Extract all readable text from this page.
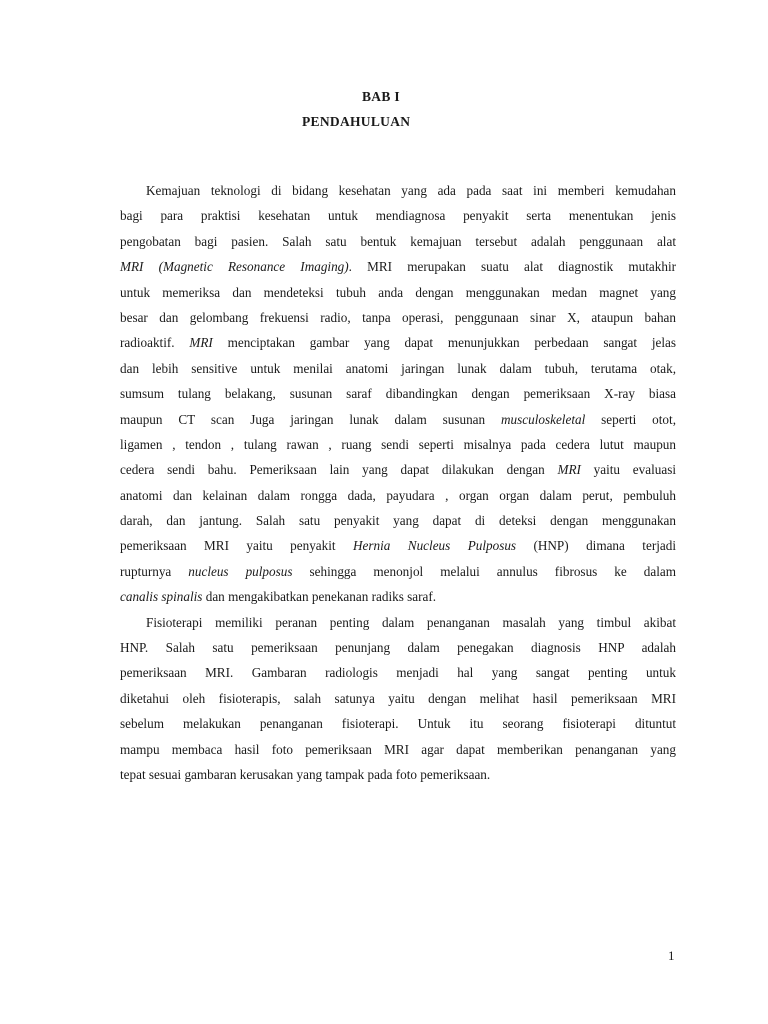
BAB I
PENDAHULUAN
Kemajuan teknologi di bidang kesehatan yang ada pada saat ini memberi kemudahan
bagi para praktisi kesehatan untuk mendiagnosa penyakit serta menentukan jenis
pengobatan bagi pasien. Salah satu bentuk kemajuan tersebut adalah penggunaan alat
MRI (Magnetic Resonance Imaging). MRI merupakan suatu alat diagnostik mutakhir
untuk memeriksa dan mendeteksi tubuh anda dengan menggunakan medan magnet yang
besar dan gelombang frekuensi radio, tanpa operasi, penggunaan sinar X, ataupun bahan
radioaktif. MRI menciptakan gambar yang dapat menunjukkan perbedaan sangat jelas
dan lebih sensitive untuk menilai anatomi jaringan lunak dalam tubuh, terutama otak,
sumsum tulang belakang, susunan saraf dibandingkan dengan pemeriksaan X-ray biasa
maupun CT scan Juga jaringan lunak dalam susunan musculoskeletal seperti otot,
ligamen , tendon , tulang rawan , ruang sendi seperti misalnya pada cedera lutut maupun
cedera sendi bahu. Pemeriksaan lain yang dapat dilakukan dengan MRI yaitu evaluasi
anatomi dan kelainan dalam rongga dada, payudara , organ organ dalam perut, pembuluh
darah, dan jantung. Salah satu penyakit yang dapat di deteksi dengan menggunakan
pemeriksaan MRI yaitu penyakit Hernia Nucleus Pulposus (HNP) dimana terjadi
rupturnya nucleus pulposus sehingga menonjol melalui annulus fibrosus ke dalam
canalis spinalis dan mengakibatkan penekanan radiks saraf.
Fisioterapi memiliki peranan penting dalam penanganan masalah yang timbul akibat
HNP. Salah satu pemeriksaan penunjang dalam penegakan diagnosis HNP adalah
pemeriksaan MRI. Gambaran radiologis menjadi hal yang sangat penting untuk
diketahui oleh fisioterapis, salah satunya yaitu dengan melihat hasil pemeriksaan MRI
sebelum melakukan penanganan fisioterapi. Untuk itu seorang fisioterapi dituntut
mampu membaca hasil foto pemeriksaan MRI agar dapat memberikan penanganan yang
tepat sesuai gambaran kerusakan yang tampak pada foto pemeriksaan.
1
